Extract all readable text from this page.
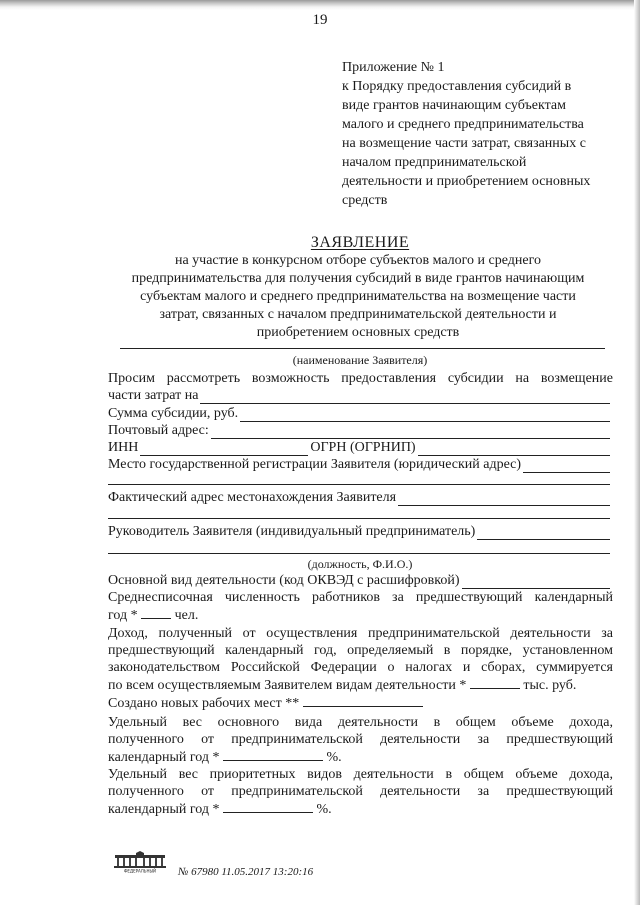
19
Приложение № 1
к Порядку предоставления субсидий в
виде грантов начинающим субъектам
малого и среднего предпринимательства
на возмещение части затрат, связанных с
началом предпринимательской
деятельности и приобретением основных
средств
ЗАЯВЛЕНИЕ
на участие в конкурсном отборе субъектов малого и среднего
предпринимательства для получения субсидий в виде грантов начинающим
субъектам малого и среднего предпринимательства на возмещение части
затрат, связанных с началом предпринимательской деятельности и
приобретением основных средств
(наименование Заявителя)
Просим рассмотреть возможность предоставления субсидии на возмещение
части затрат на
Сумма субсидии, руб.
Почтовый адрес:
ИНН	ОГРН (ОГРНИП)
Место государственной регистрации Заявителя (юридический адрес)
Фактический адрес местонахождения Заявителя
Руководитель Заявителя (индивидуальный предприниматель)
(должность, Ф.И.О.)
Основной вид деятельности (код ОКВЭД с расшифровкой)
Среднесписочная численность работников за предшествующий календарный
год *	чел.
Доход, полученный от осуществления предпринимательской деятельности за
предшествующий календарный год, определяемый в порядке, установленном
законодательством Российской Федерации о налогах и сборах, суммируется
по всем осуществляемым Заявителем видам деятельности *	тыс. руб.
Создано новых рабочих мест **
Удельный вес основного вида деятельности в общем объеме дохода,
полученного от предпринимательской деятельности за предшествующий
календарный год *	%.
Удельный вес приоритетных видов деятельности в общем объеме дохода,
полученного от предпринимательской деятельности за предшествующий
календарный год *	%.
ФЕДЕРАЛЬНЫЙ № 67980 11.05.2017 13:20:16
